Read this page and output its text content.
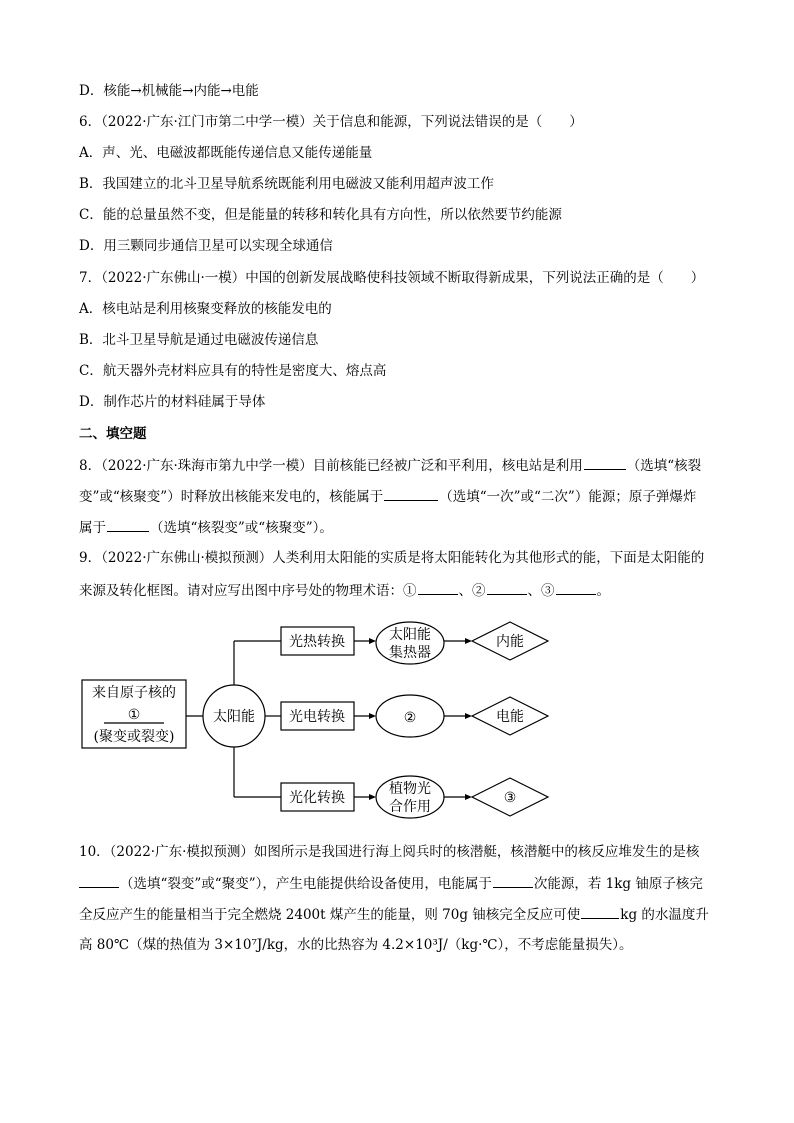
D．核能→机械能→内能→电能
6．（2022·广东·江门市第二中学一模）关于信息和能源，下列说法错误的是（　　）
A．声、光、电磁波都既能传递信息又能传递能量
B．我国建立的北斗卫星导航系统既能利用电磁波又能利用超声波工作
C．能的总量虽然不变，但是能量的转移和转化具有方向性，所以依然要节约能源
D．用三颗同步通信卫星可以实现全球通信
7．（2022·广东佛山·一模）中国的创新发展战略使科技领域不断取得新成果，下列说法正确的是（　　）
A．核电站是利用核聚变释放的核能发电的
B．北斗卫星导航是通过电磁波传递信息
C．航天器外壳材料应具有的特性是密度大、熔点高
D．制作芯片的材料硅属于导体
二、填空题
8．（2022·广东·珠海市第九中学一模）目前核能已经被广泛和平利用，核电站是利用	（选填“核裂
变”或“核聚变”）时释放出核能来发电的，核能属于	（选填“一次”或“二次”）能源；原子弹爆炸
属于	（选填“核裂变”或“核聚变”）。
9．（2022·广东佛山·模拟预测）人类利用太阳能的实质是将太阳能转化为其他形式的能，下面是太阳能的
来源及转化框图。请对应写出图中序号处的物理术语：①	、②	、③	。
来自原子核的
①
(聚变或裂变)
太阳能
光热转换
光电转换
光化转换
太阳能
集热器
②
植物光
合作用
内能
电能
③
10．（2022·广东·模拟预测）如图所示是我国进行海上阅兵时的核潜艇，核潜艇中的核反应堆发生的是核
（选填“裂变”或“聚变”），产生电能提供给设备使用，电能属于	次能源，若 1kg 铀原子核完
全反应产生的能量相当于完全燃烧 2400t 煤产生的能量，则 70g 铀核完全反应可使	kg 的水温度升
高 80℃（煤的热值为 3×10⁷J/kg，水的比热容为 4.2×10³J/（kg·℃），不考虑能量损失）。
